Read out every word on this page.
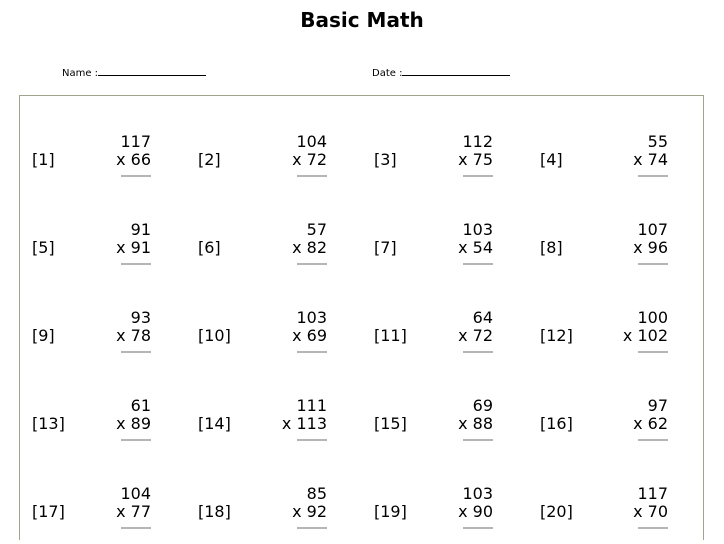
Basic Math
Name :	Date :
[1]
117
x 66	[2]
104
x 72	[3]
112
x 75	[4]
55
x 74
[5]
91
x 91	[6]
57
x 82	[7]
103
x 54	[8]
107
x 96
[9]
93
x 78	[10]
103
x 69	[11]
64
x 72	[12]
100
x 102
[13]
61
x 89	[14]
111
x 113	[15]
69
x 88	[16]
97
x 62
[17]
104
x 77	[18]
85
x 92	[19]
103
x 90	[20]
117
x 70
